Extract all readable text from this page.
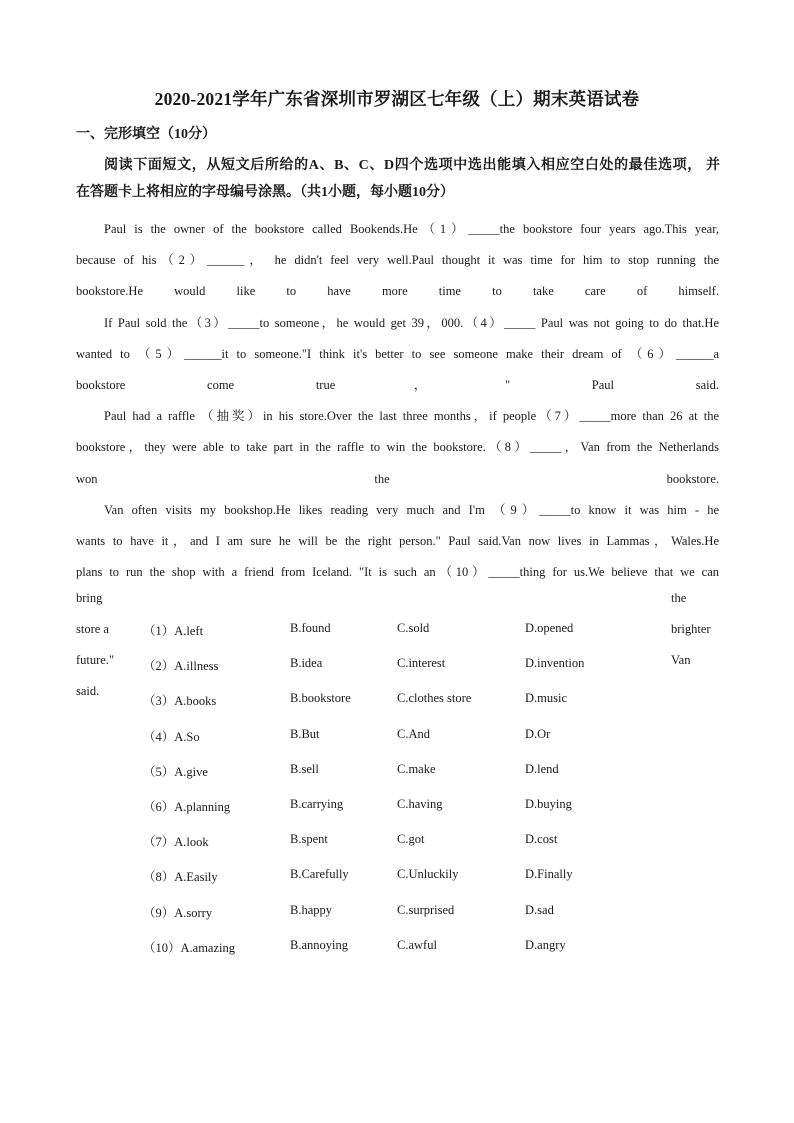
2020-2021学年广东省深圳市罗湖区七年级（上）期末英语试卷
一、完形填空（10分）
阅读下面短文，从短文后所给的A、B、C、D四个选项中选出能填入相应空白处的最佳选项， 并
在答题卡上将相应的字母编号涂黑。（共1小题，每小题10分）
Paul is the owner of the bookstore called Bookends.He（1）_____the bookstore four years ago.This year,
because of his（2）______， he didn't feel very well.Paul thought it was time for him to stop running the
bookstore.He would like to have more time to take care of himself.
If Paul sold the（3）_____to someone，he would get 39，000.（4）_____ Paul was not going to do that.He
wanted to （5）______it to someone."I think it's better to see someone make their dream of （6）______a
bookstore come true，" Paul said.
Paul had a raffle （抽奖）in his store.Over the last three months，if people（7）_____more than 26 at the
bookstore，they were able to take part in the raffle to win the bookstore.（8）_____，Van from the Netherlands
won the bookstore.
Van often visits my bookshop.He likes reading very much and I'm （9）_____to know it was him - he
wants to have it，and I am sure he will be the right person." Paul said.Van now lives in Lammas，Wales.He
plans to run the shop with a friend from Iceland. "It is such an（10）_____thing for us.We believe that we can
bring
store a
future."
said.
the
brighter
Van
（1）A.left	B.found	C.sold	D.opened
（2）A.illness	B.idea	C.interest	D.invention
（3）A.books	B.bookstore	C.clothes store	D.music
（4）A.So	B.But	C.And	D.Or
（5）A.give	B.sell	C.make	D.lend
（6）A.planning	B.carrying	C.having	D.buying
（7）A.look	B.spent	C.got	D.cost
（8）A.Easily	B.Carefully	C.Unluckily	D.Finally
（9）A.sorry	B.happy	C.surprised	D.sad
（10）A.amazing	B.annoying	C.awful	D.angry
